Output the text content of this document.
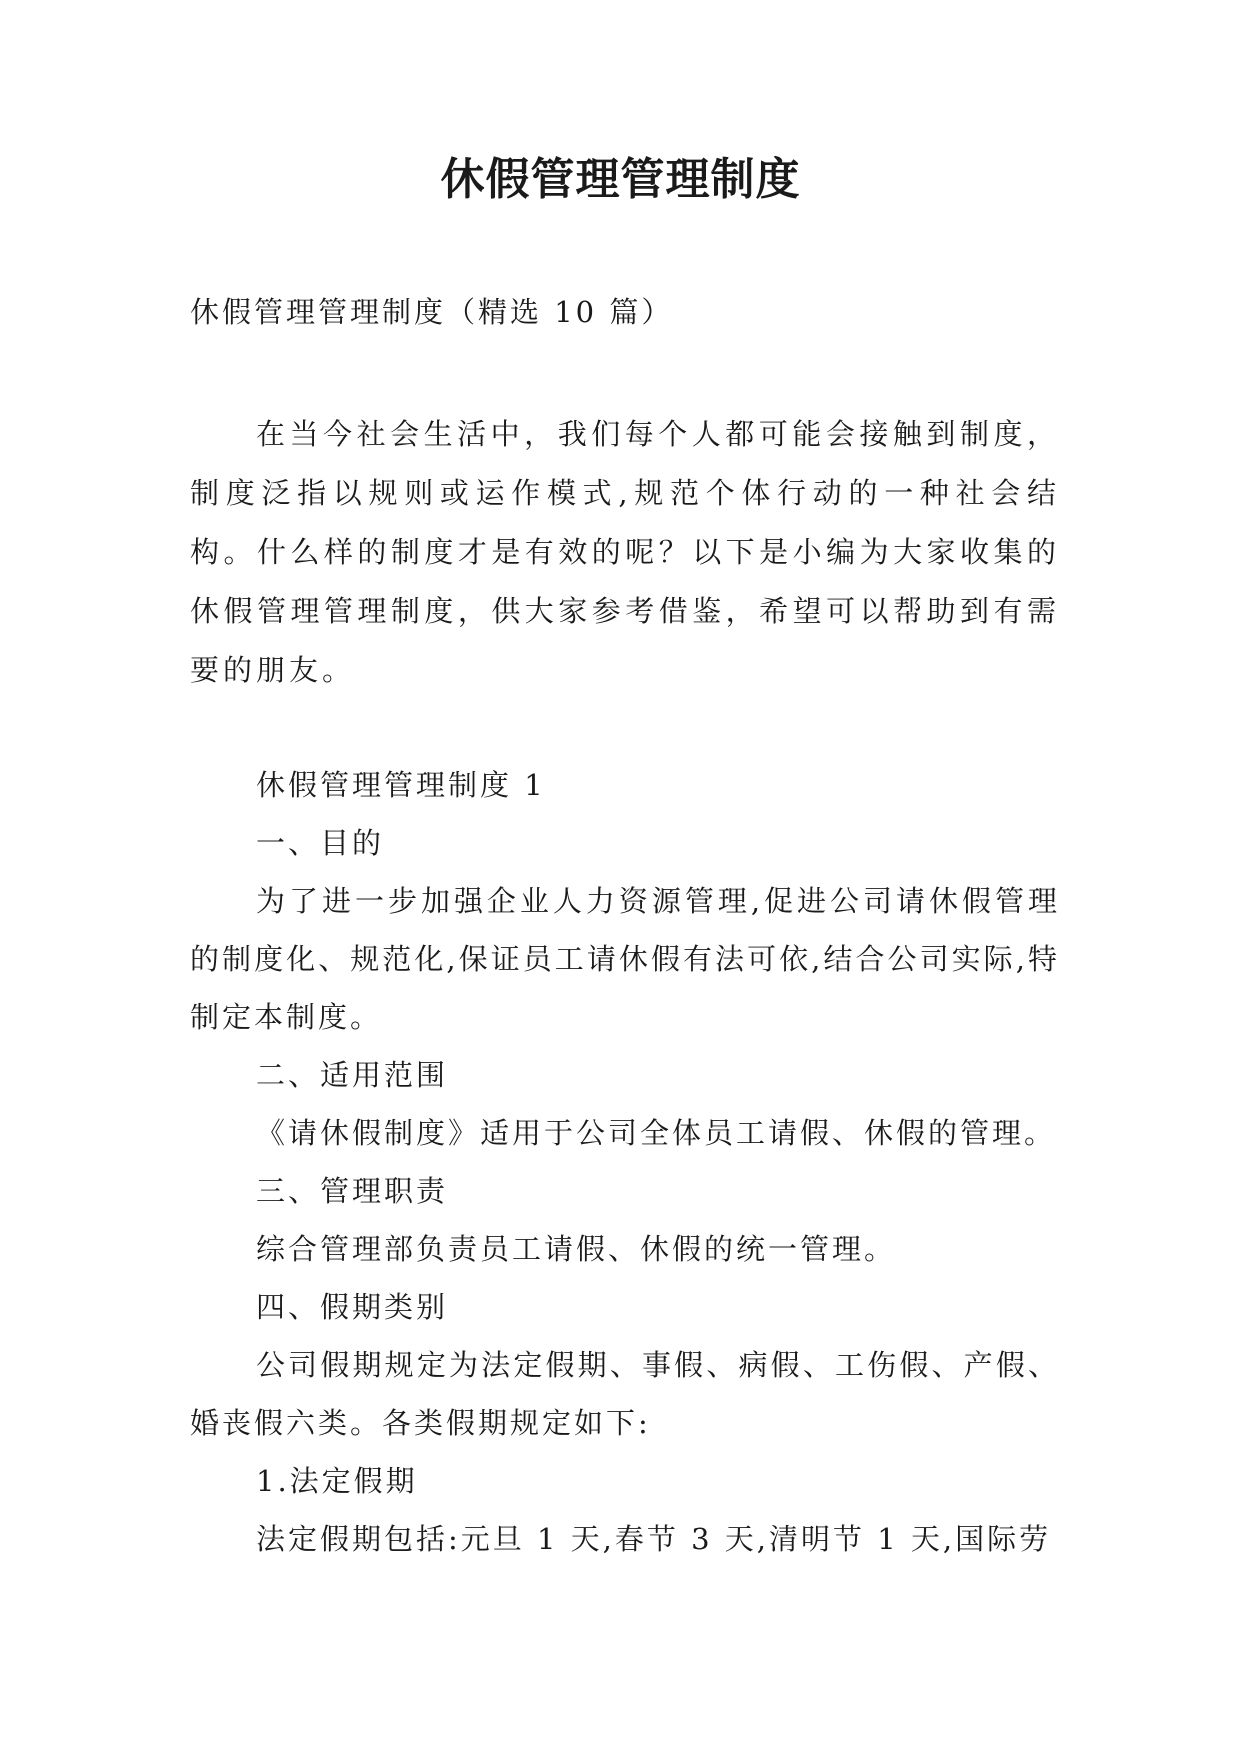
休假管理管理制度

休假管理管理制度（精选 10 篇）

在当今社会生活中，我们每个人都可能会接触到制度，制度泛指以规则或运作模式,规范个体行动的一种社会结构。什么样的制度才是有效的呢？以下是小编为大家收集的休假管理管理制度，供大家参考借鉴，希望可以帮助到有需要的朋友。

休假管理管理制度 1

一、目的

为了进一步加强企业人力资源管理,促进公司请休假管理的制度化、规范化,保证员工请休假有法可依,结合公司实际,特制定本制度。

二、适用范围

《请休假制度》适用于公司全体员工请假、休假的管理。

三、管理职责

综合管理部负责员工请假、休假的统一管理。

四、假期类别

公司假期规定为法定假期、事假、病假、工伤假、产假、婚丧假六类。各类假期规定如下:

1.法定假期

法定假期包括:元旦 1 天,春节 3 天,清明节 1 天,国际劳
